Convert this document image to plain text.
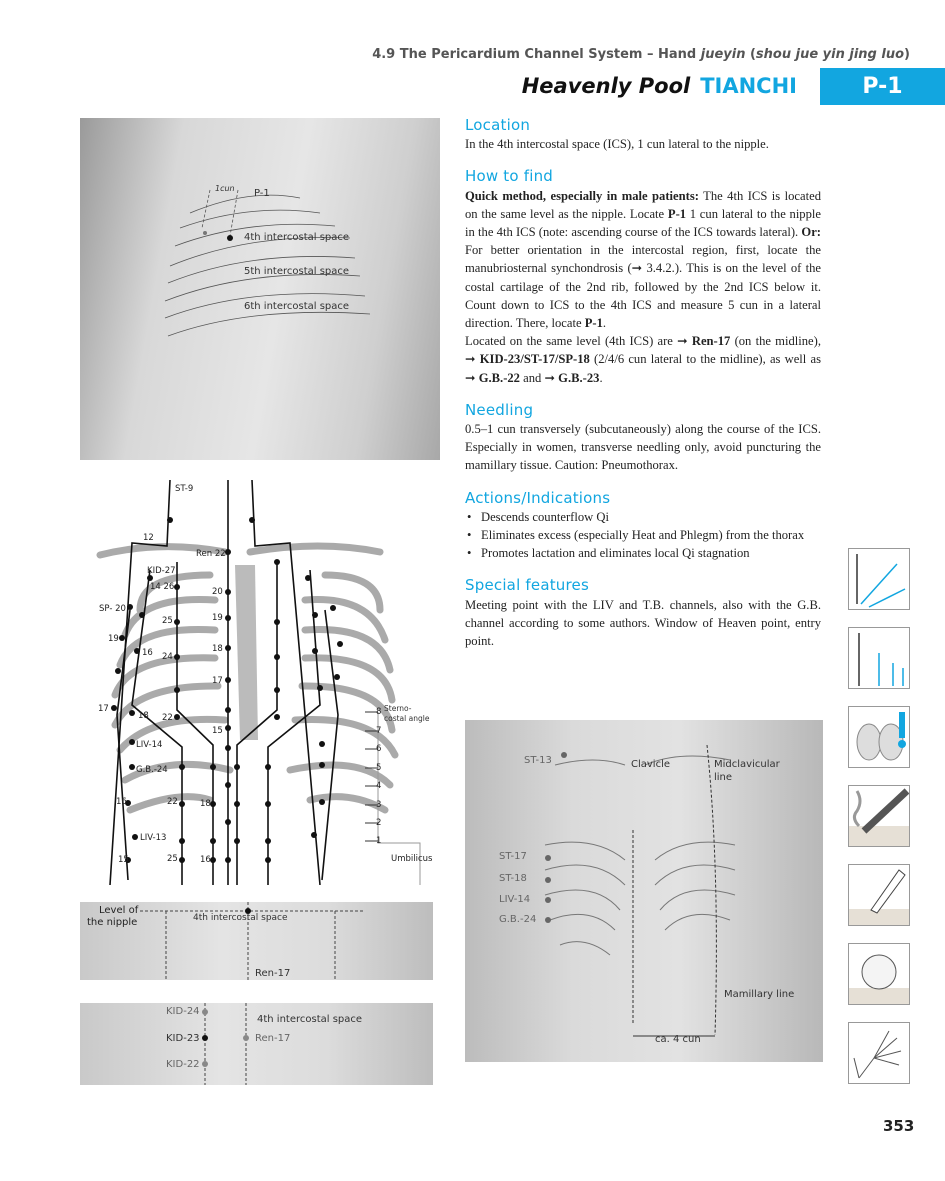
4.9 The Pericardium Channel System – Hand jueyin (shou jue yin jing luo)
Heavenly Pool TIANCHI	P-1
Location

In the 4th intercostal space (ICS), 1 cun lateral to the nipple.

How to find

Quick method, especially in male patients: The 4th ICS is located on the same level as the nipple. Locate P-1 1 cun lateral to the nipple in the 4th ICS (note: ascending course of the ICS towards lateral). Or: For better orientation in the intercostal region, first, locate the manubriosternal synchondrosis (➞ 3.4.2.). This is on the level of the costal cartilage of the 2nd rib, followed by the 2nd ICS below it. Count down to ICS to the 4th ICS and measure 5 cun in a lateral direction. There, locate P-1.

Located on the same level (4th ICS) are ➞ Ren-17 (on the midline), ➞ KID-23/ST-17/SP-18 (2/4/6 cun lateral to the midline), as well as ➞ G.B.-22 and ➞ G.B.-23.

Needling

0.5–1 cun transversely (subcutaneously) along the course of the ICS. Especially in women, transverse needling only, avoid puncturing the mamillary tissue. Caution: Pneumothorax.

Actions/Indications
• Descends counterflow Qi
• Eliminates excess (especially Heat and Phlegm) from the thorax
• Promotes lactation and eliminates local Qi stagnation
Special features

Meeting point with the LIV and T.B. channels, also with the G.B. channel according to some authors. Window of Heaven point, entry point.

1cun P-1
4th intercostal space
5th intercostal space
6th intercostal space
ST-9
12
Ren 22
KID-27
14 26	20
SP- 20
25	19
19
16 24
18
17
17
18 22
15
LIV-14
G.B.-24
16	22	18
LIV-13
15	25	16
8
7
6
5
4
3
2
1
Sterno-
costal angle
Umbilicus
Level of
the nipple	4th intercostal space
Ren-17
KID-24
KID-23
KID-22
4th intercostal space
Ren-17
ST-13	Clavicle	Midclavicular
line
ST-17
ST-18
LIV-14
G.B.-24
Mamillary line
ca. 4 cun
353
